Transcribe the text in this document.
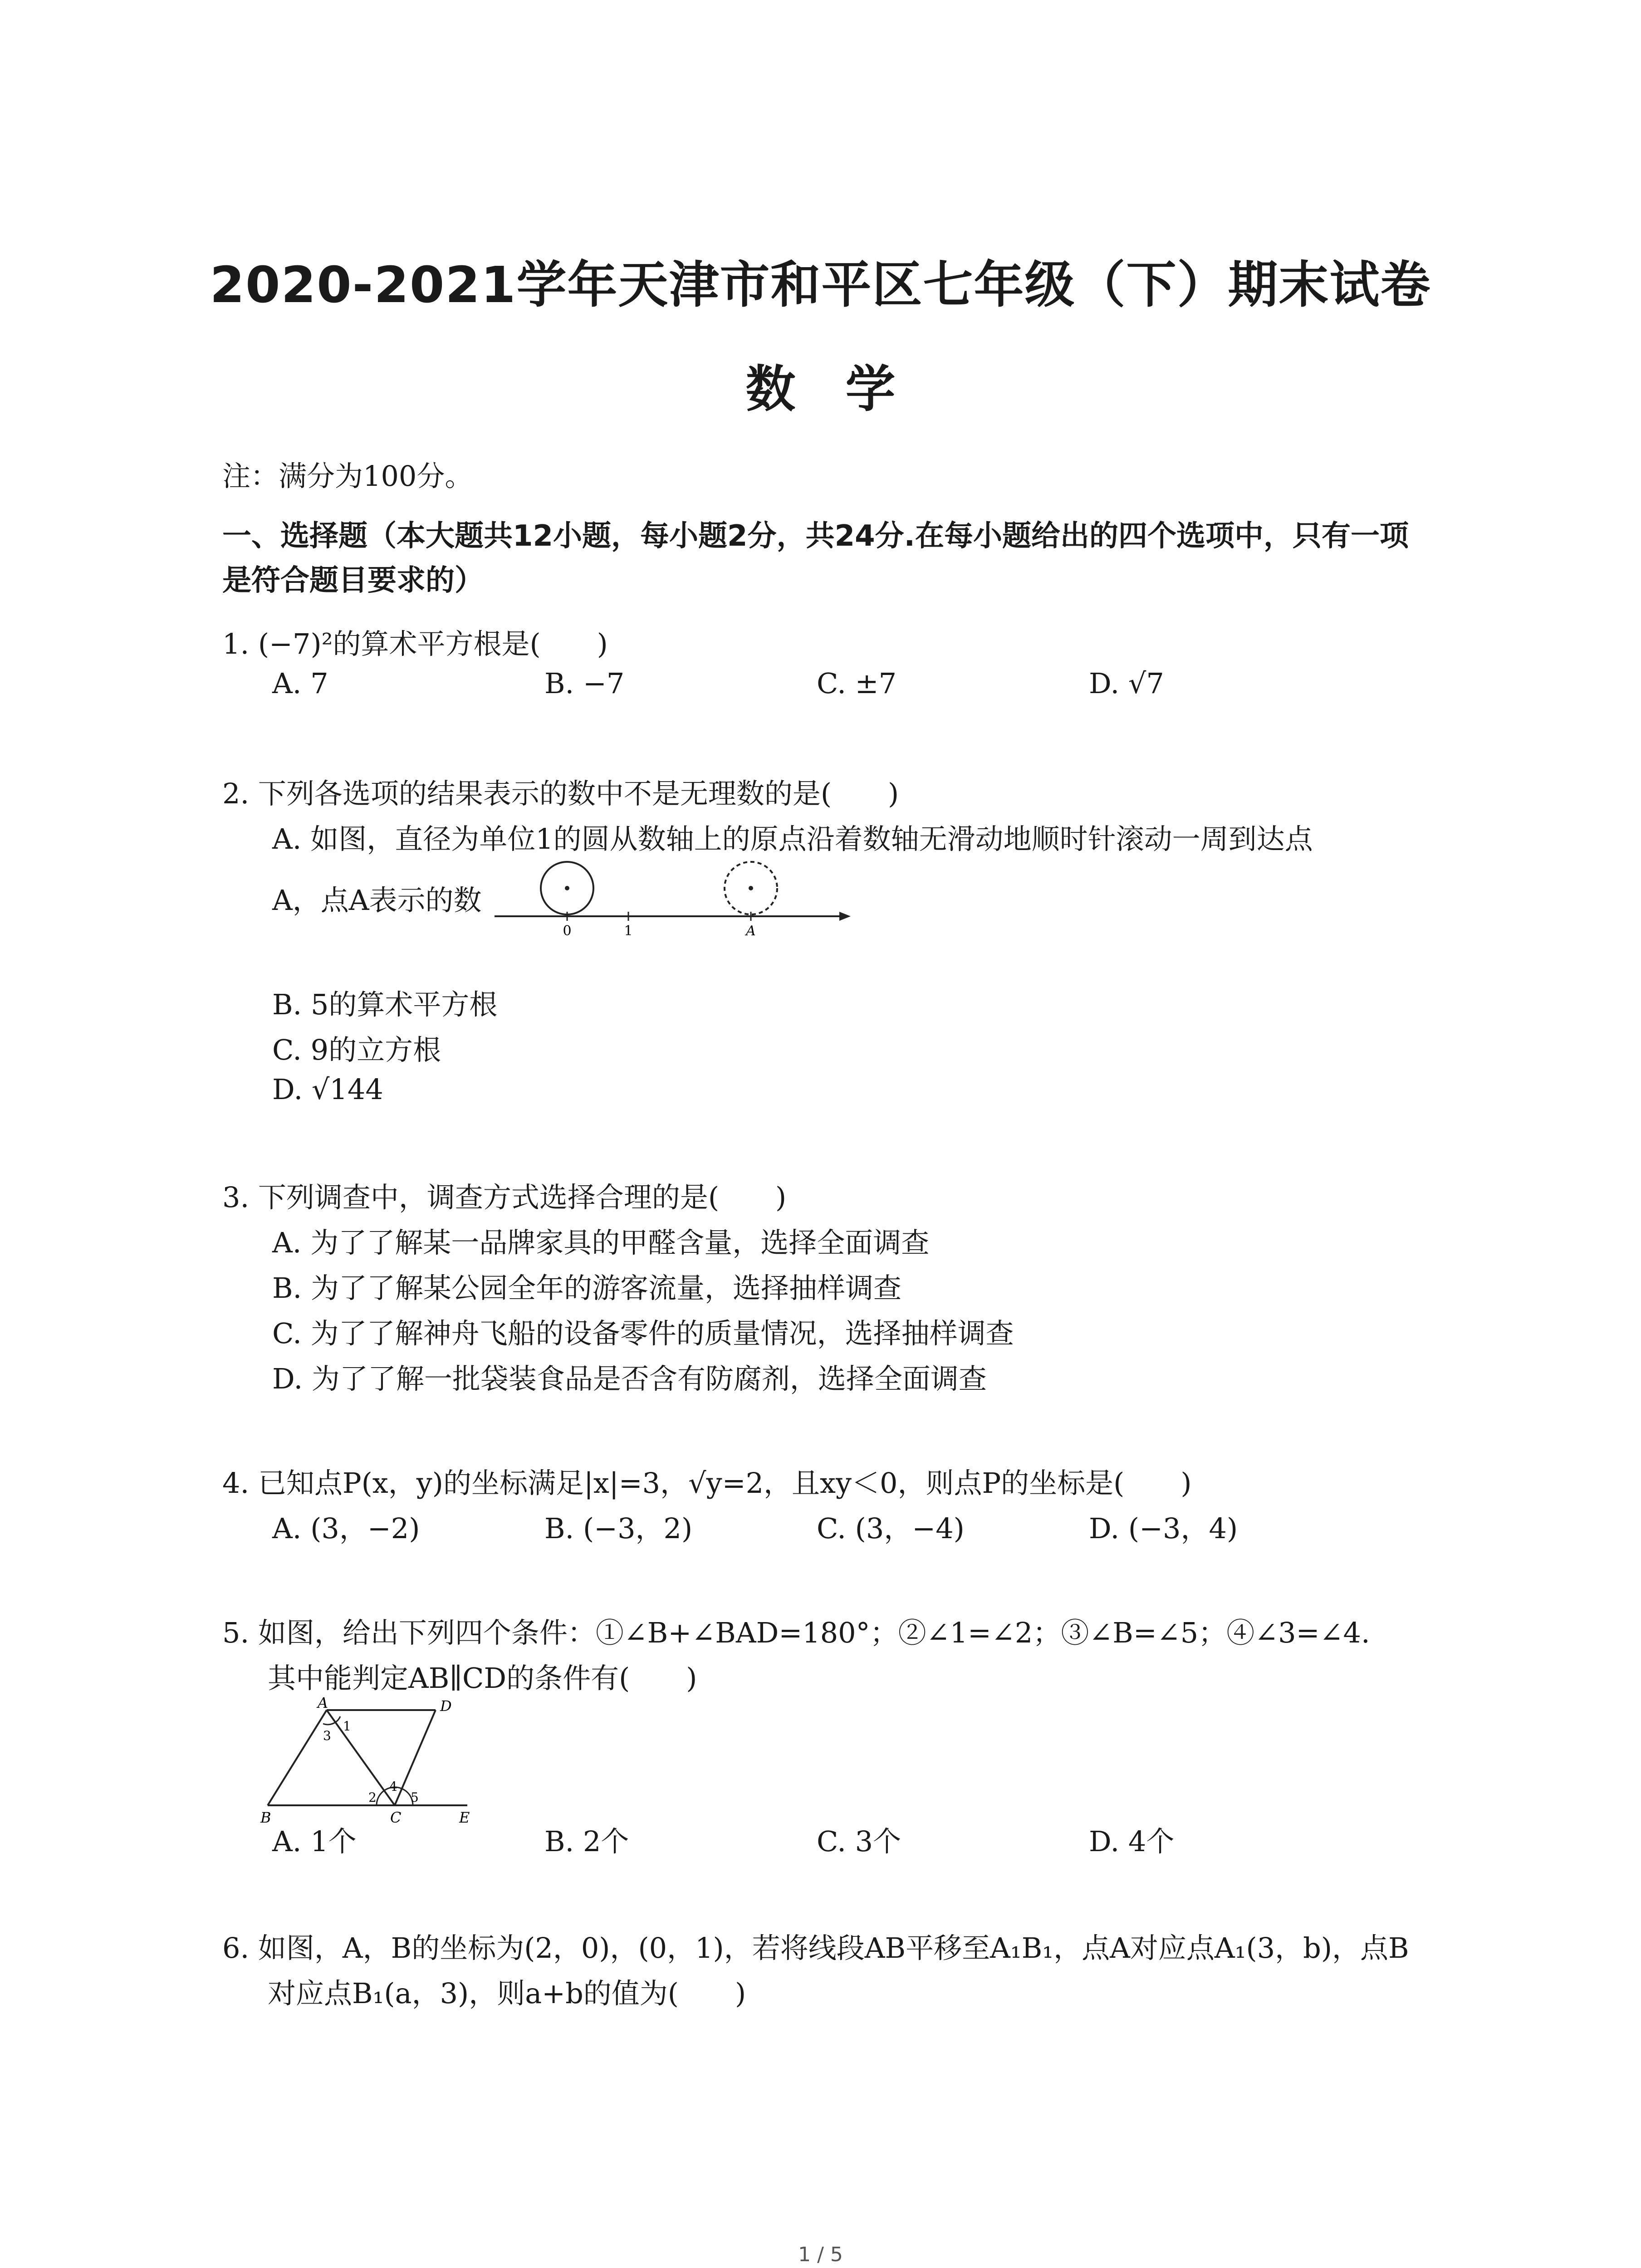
2020-2021学年天津市和平区七年级（下）期末试卷
数学
注：满分为100分。
一、选择题（本大题共12小题，每小题2分，共24分.在每小题给出的四个选项中，只有一项
是符合题目要求的）
1. (−7)²的算术平方根是(　　)
A. 7	B. −7	C. ±7	D. √7
2. 下列各选项的结果表示的数中不是无理数的是(　　)
A. 如图，直径为单位1的圆从数轴上的原点沿着数轴无滑动地顺时针滚动一周到达点
A，点A表示的数
0	1	A
B. 5的算术平方根
C. 9的立方根
D. √144
3. 下列调查中，调查方式选择合理的是(　　)
A. 为了了解某一品牌家具的甲醛含量，选择全面调查
B. 为了了解某公园全年的游客流量，选择抽样调查
C. 为了了解神舟飞船的设备零件的质量情况，选择抽样调查
D. 为了了解一批袋装食品是否含有防腐剂，选择全面调查
4. 已知点P(x，y)的坐标满足|x|=3，√y=2，且xy＜0，则点P的坐标是(　　)
A. (3，−2)	B. (−3，2)	C. (3，−4)	D. (−3，4)
5. 如图，给出下列四个条件：①∠B+∠BAD=180°；②∠1=∠2；③∠B=∠5；④∠3=∠4.
其中能判定AB∥CD的条件有(　　)
A	D
1
3
4
2	5
B	C	E
A. 1个	B. 2个	C. 3个	D. 4个
6. 如图，A，B的坐标为(2，0)，(0，1)，若将线段AB平移至A₁B₁，点A对应点A₁(3，b)，点B
对应点B₁(a，3)，则a+b的值为(　　)
1 / 5
